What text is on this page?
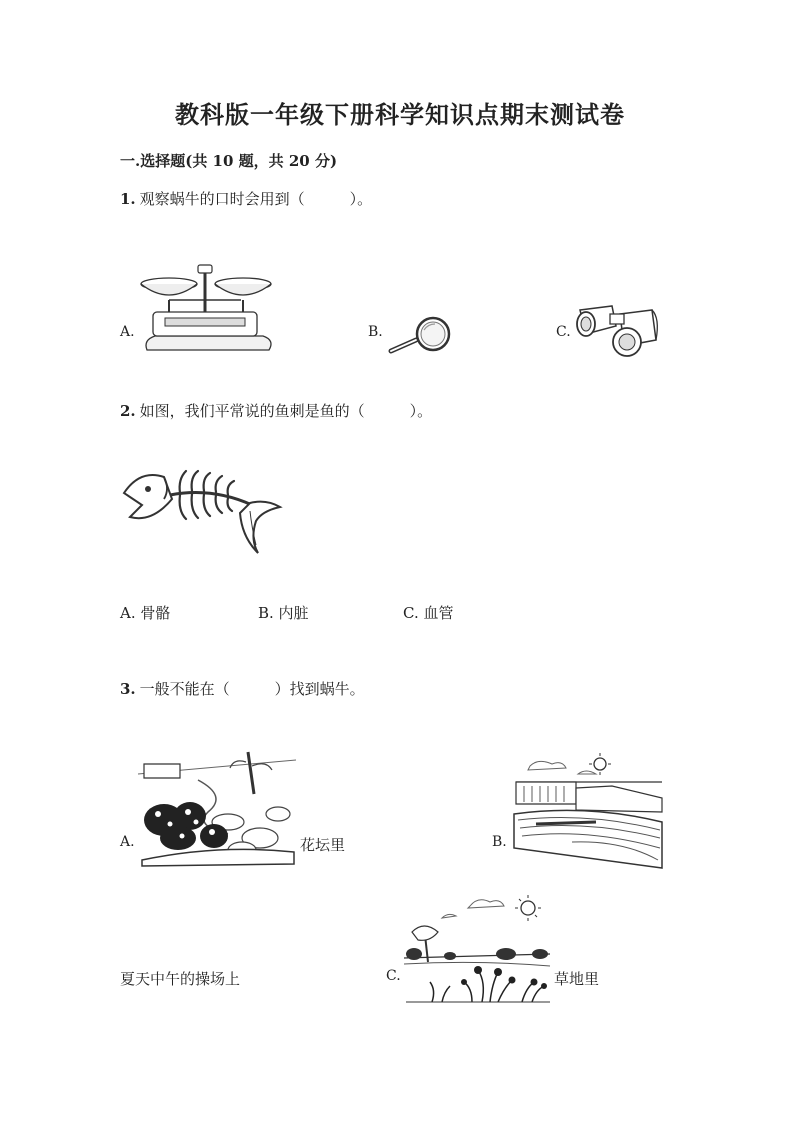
教科版一年级下册科学知识点期末测试卷
一.选择题(共 10 题，共 20 分)
1. 观察蜗牛的口时会用到（　　　）。
A.	B.	C.
2. 如图，我们平常说的鱼刺是鱼的（　　　）。
A. 骨骼	B. 内脏	C. 血管
3. 一般不能在（　　　）找到蜗牛。
A.	花坛里	B.
夏天中午的操场上	C.	草地里
